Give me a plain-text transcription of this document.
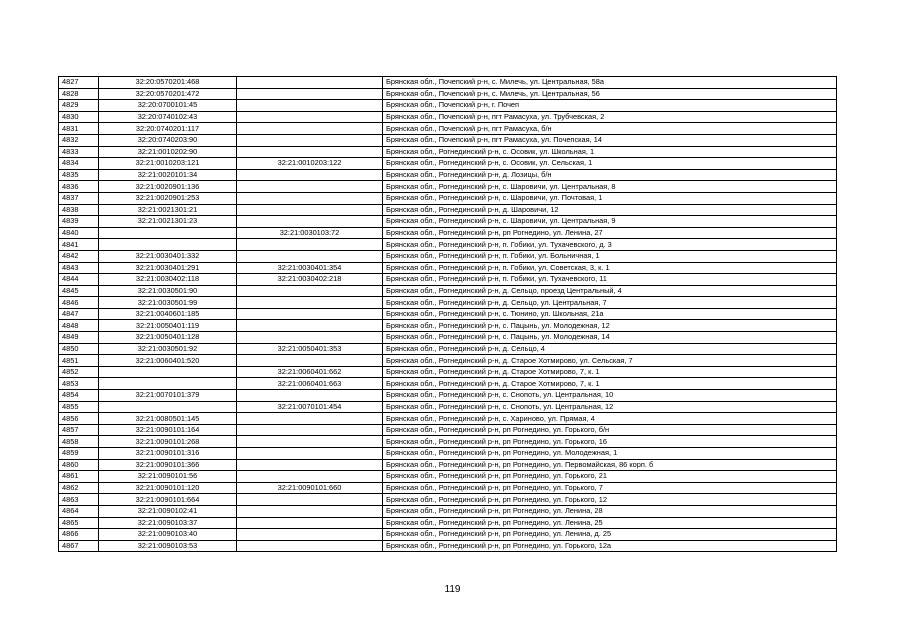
4827	32:20:0570201:468		Брянская обл., Почепский р-н, с. Милечь, ул. Центральная, 58а
4828	32:20:0570201:472		Брянская обл., Почепский р-н, с. Милечь, ул. Центральная, 56
4829	32:20:0700101:45		Брянская обл., Почепский р-н, г. Почеп
4830	32:20:0740102:43		Брянская обл., Почепский р-н, пгт Рамасуха, ул. Трубчевская, 2
4831	32:20:0740201:117		Брянская обл., Почепский р-н, пгт Рамасуха, б/н
4832	32:20:0740203:90		Брянская обл., Почепский р-н, пгт Рамасуха, ул. Почепская, 14
4833	32:21:0010202:90		Брянская обл., Рогнединский р-н, с. Осовик, ул. Школьная, 1
4834	32:21:0010203:121	32:21:0010203:122	Брянская обл., Рогнединский р-н, с. Осовик, ул. Сельская, 1
4835	32:21:0020101:34		Брянская обл., Рогнединский р-н, д. Лозицы, б/н
4836	32:21:0020901:136		Брянская обл., Рогнединский р-н, с. Шаровичи, ул. Центральная, 8
4837	32:21:0020901:253		Брянская обл., Рогнединский р-н, с. Шаровичи, ул. Почтовая, 1
4838	32:21:0021301:21		Брянская обл., Рогнединский р-н, д. Шаровичи, 12
4839	32:21:0021301:23		Брянская обл., Рогнединский р-н, с. Шаровичи, ул. Центральная, 9
4840		32:21:0030103:72	Брянская обл., Рогнединский р-н, рп Рогнедино, ул. Ленина, 27
4841			Брянская обл., Рогнединский р-н, п. Гобики, ул. Тухачевского, д. 3
4842	32:21:0030401:332		Брянская обл., Рогнединский р-н, п. Гобики, ул. Больничная, 1
4843	32:21:0030401:291	32:21:0030401:354	Брянская обл., Рогнединский р-н, п. Гобики, ул. Советская, 3, к. 1
4844	32:21:0030402:118	32:21:0030402:218	Брянская обл., Рогнединский р-н, п. Гобики, ул. Тухачевского, 11
4845	32:21:0030501:90		Брянская обл., Рогнединский р-н, д. Сельцо, проезд Центральный, 4
4846	32:21:0030501:99		Брянская обл., Рогнединский р-н, д. Сельцо, ул. Центральная, 7
4847	32:21:0040601:185		Брянская обл., Рогнединский р-н, с. Тюнино, ул. Школьная, 21а
4848	32:21:0050401:119		Брянская обл., Рогнединский р-н, с. Пацынь, ул. Молодежная, 12
4849	32:21:0050401:128		Брянская обл., Рогнединский р-н, с. Пацынь, ул. Молодежная, 14
4850	32:21:0030501:92	32:21:0050401:353	Брянская обл., Рогнединский р-н, д. Сельцо, 4
4851	32:21:0060401:520		Брянская обл., Рогнединский р-н, д. Старое Хотмирово, ул. Сельская, 7
4852		32:21:0060401:662	Брянская обл., Рогнединский р-н, д. Старое Хотмирово, 7, к. 1
4853		32:21:0060401:663	Брянская обл., Рогнединский р-н, д. Старое Хотмирово, 7, к. 1
4854	32:21:0070101:379		Брянская обл., Рогнединский р-н, с. Снопоть, ул. Центральная, 10
4855		32:21:0070101:454	Брянская обл., Рогнединский р-н, с. Снопоть, ул. Центральная, 12
4856	32:21:0080501:145		Брянская обл., Рогнединский р-н, с. Хариново, ул. Прямая, 4
4857	32:21:0090101:164		Брянская обл., Рогнединский р-н, рп Рогнедино, ул. Горького, б/н
4858	32:21:0090101:268		Брянская обл., Рогнединский р-н, рп Рогнедино, ул. Горького, 16
4859	32:21:0090101:316		Брянская обл., Рогнединский р-н, рп Рогнедино, ул. Молодежная, 1
4860	32:21:0090101:366		Брянская обл., Рогнединский р-н, рп Рогнедино, ул. Первомайская, 86 корп. б
4861	32:21:0090101:56		Брянская обл., Рогнединский р-н, рп Рогнедино, ул. Горького, 21
4862	32:21:0090101:120	32:21:0090101:660	Брянская обл., Рогнединский р-н, рп Рогнедино, ул. Горького, 7
4863	32:21:0090101:664		Брянская обл., Рогнединский р-н, рп Рогнедино, ул. Горького, 12
4864	32:21:0090102:41		Брянская обл., Рогнединский р-н, рп Рогнедино, ул. Ленина, 28
4865	32:21:0090103:37		Брянская обл., Рогнединский р-н, рп Рогнедино, ул. Ленина, 25
4866	32:21:0090103:40		Брянская обл., Рогнединский р-н, рп Рогнедино, ул. Ленина, д. 25
4867	32:21:0090103:53		Брянская обл., Рогнединский р-н, рп Рогнедино, ул. Горького, 12а
119
